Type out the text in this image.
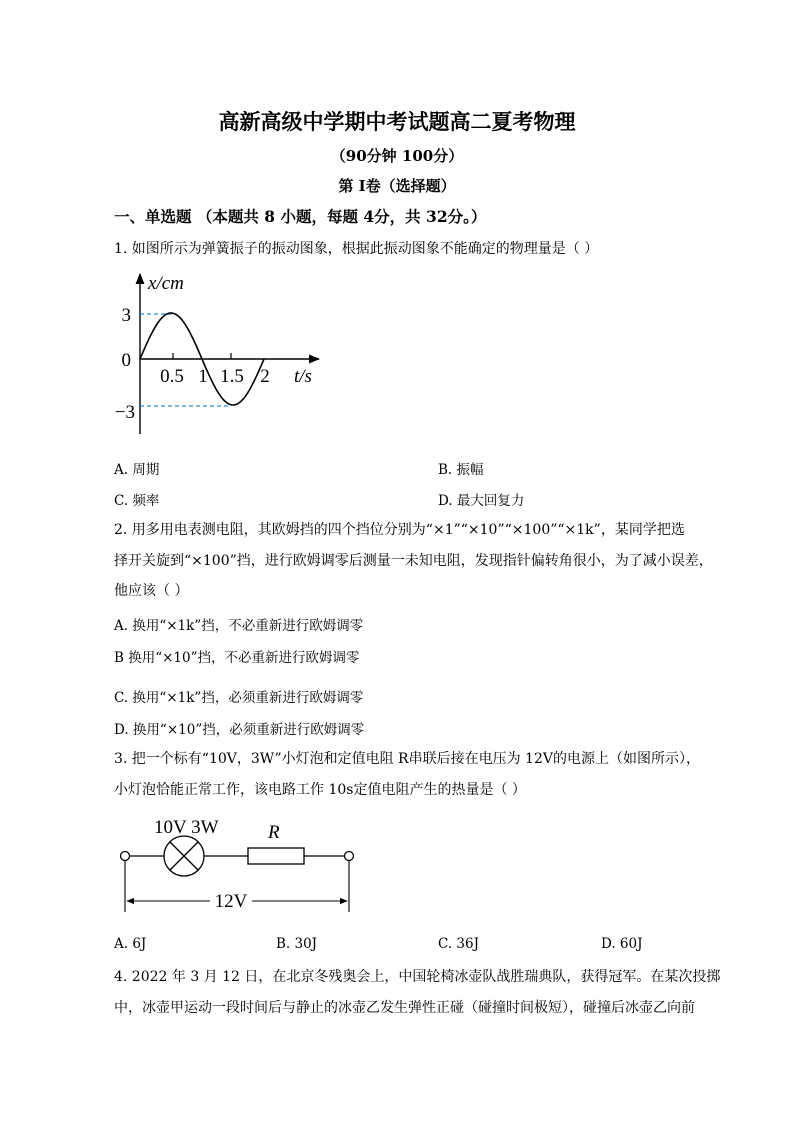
高新高级中学期中考试题高二夏考物理
（90分钟 100分）
第 I卷（选择题）
一、单选题 （本题共 8 小题，每题 4分，共 32分。）
1. 如图所示为弹簧振子的振动图象，根据此振动图象不能确定的物理量是（ ）
x/cm
3
0
−3
0.5 1 1.5 2 t/s
A. 周期	B. 振幅
C. 频率	D. 最大回复力
2. 用多用电表测电阻，其欧姆挡的四个挡位分别为“×1”“×10”“×100”“×1k”，某同学把选
择开关旋到“×100”挡，进行欧姆调零后测量一未知电阻，发现指针偏转角很小，为了减小误差，
他应该（ ）
A. 换用“×1k”挡，不必重新进行欧姆调零
B 换用“×10”挡，不必重新进行欧姆调零
C. 换用“×1k”挡，必须重新进行欧姆调零
D. 换用“×10”挡，必须重新进行欧姆调零
3. 把一个标有“10V，3W”小灯泡和定值电阻 R串联后接在电压为 12V的电源上（如图所示），
小灯泡恰能正常工作，该电路工作 10s定值电阻产生的热量是（ ）
10V 3W	R
12V
A. 6J	B. 30J	C. 36J	D. 60J
4. 2022 年 3 月 12 日，在北京冬残奥会上，中国轮椅冰壶队战胜瑞典队，获得冠军。在某次投掷
中，冰壶甲运动一段时间后与静止的冰壶乙发生弹性正碰（碰撞时间极短），碰撞后冰壶乙向前
